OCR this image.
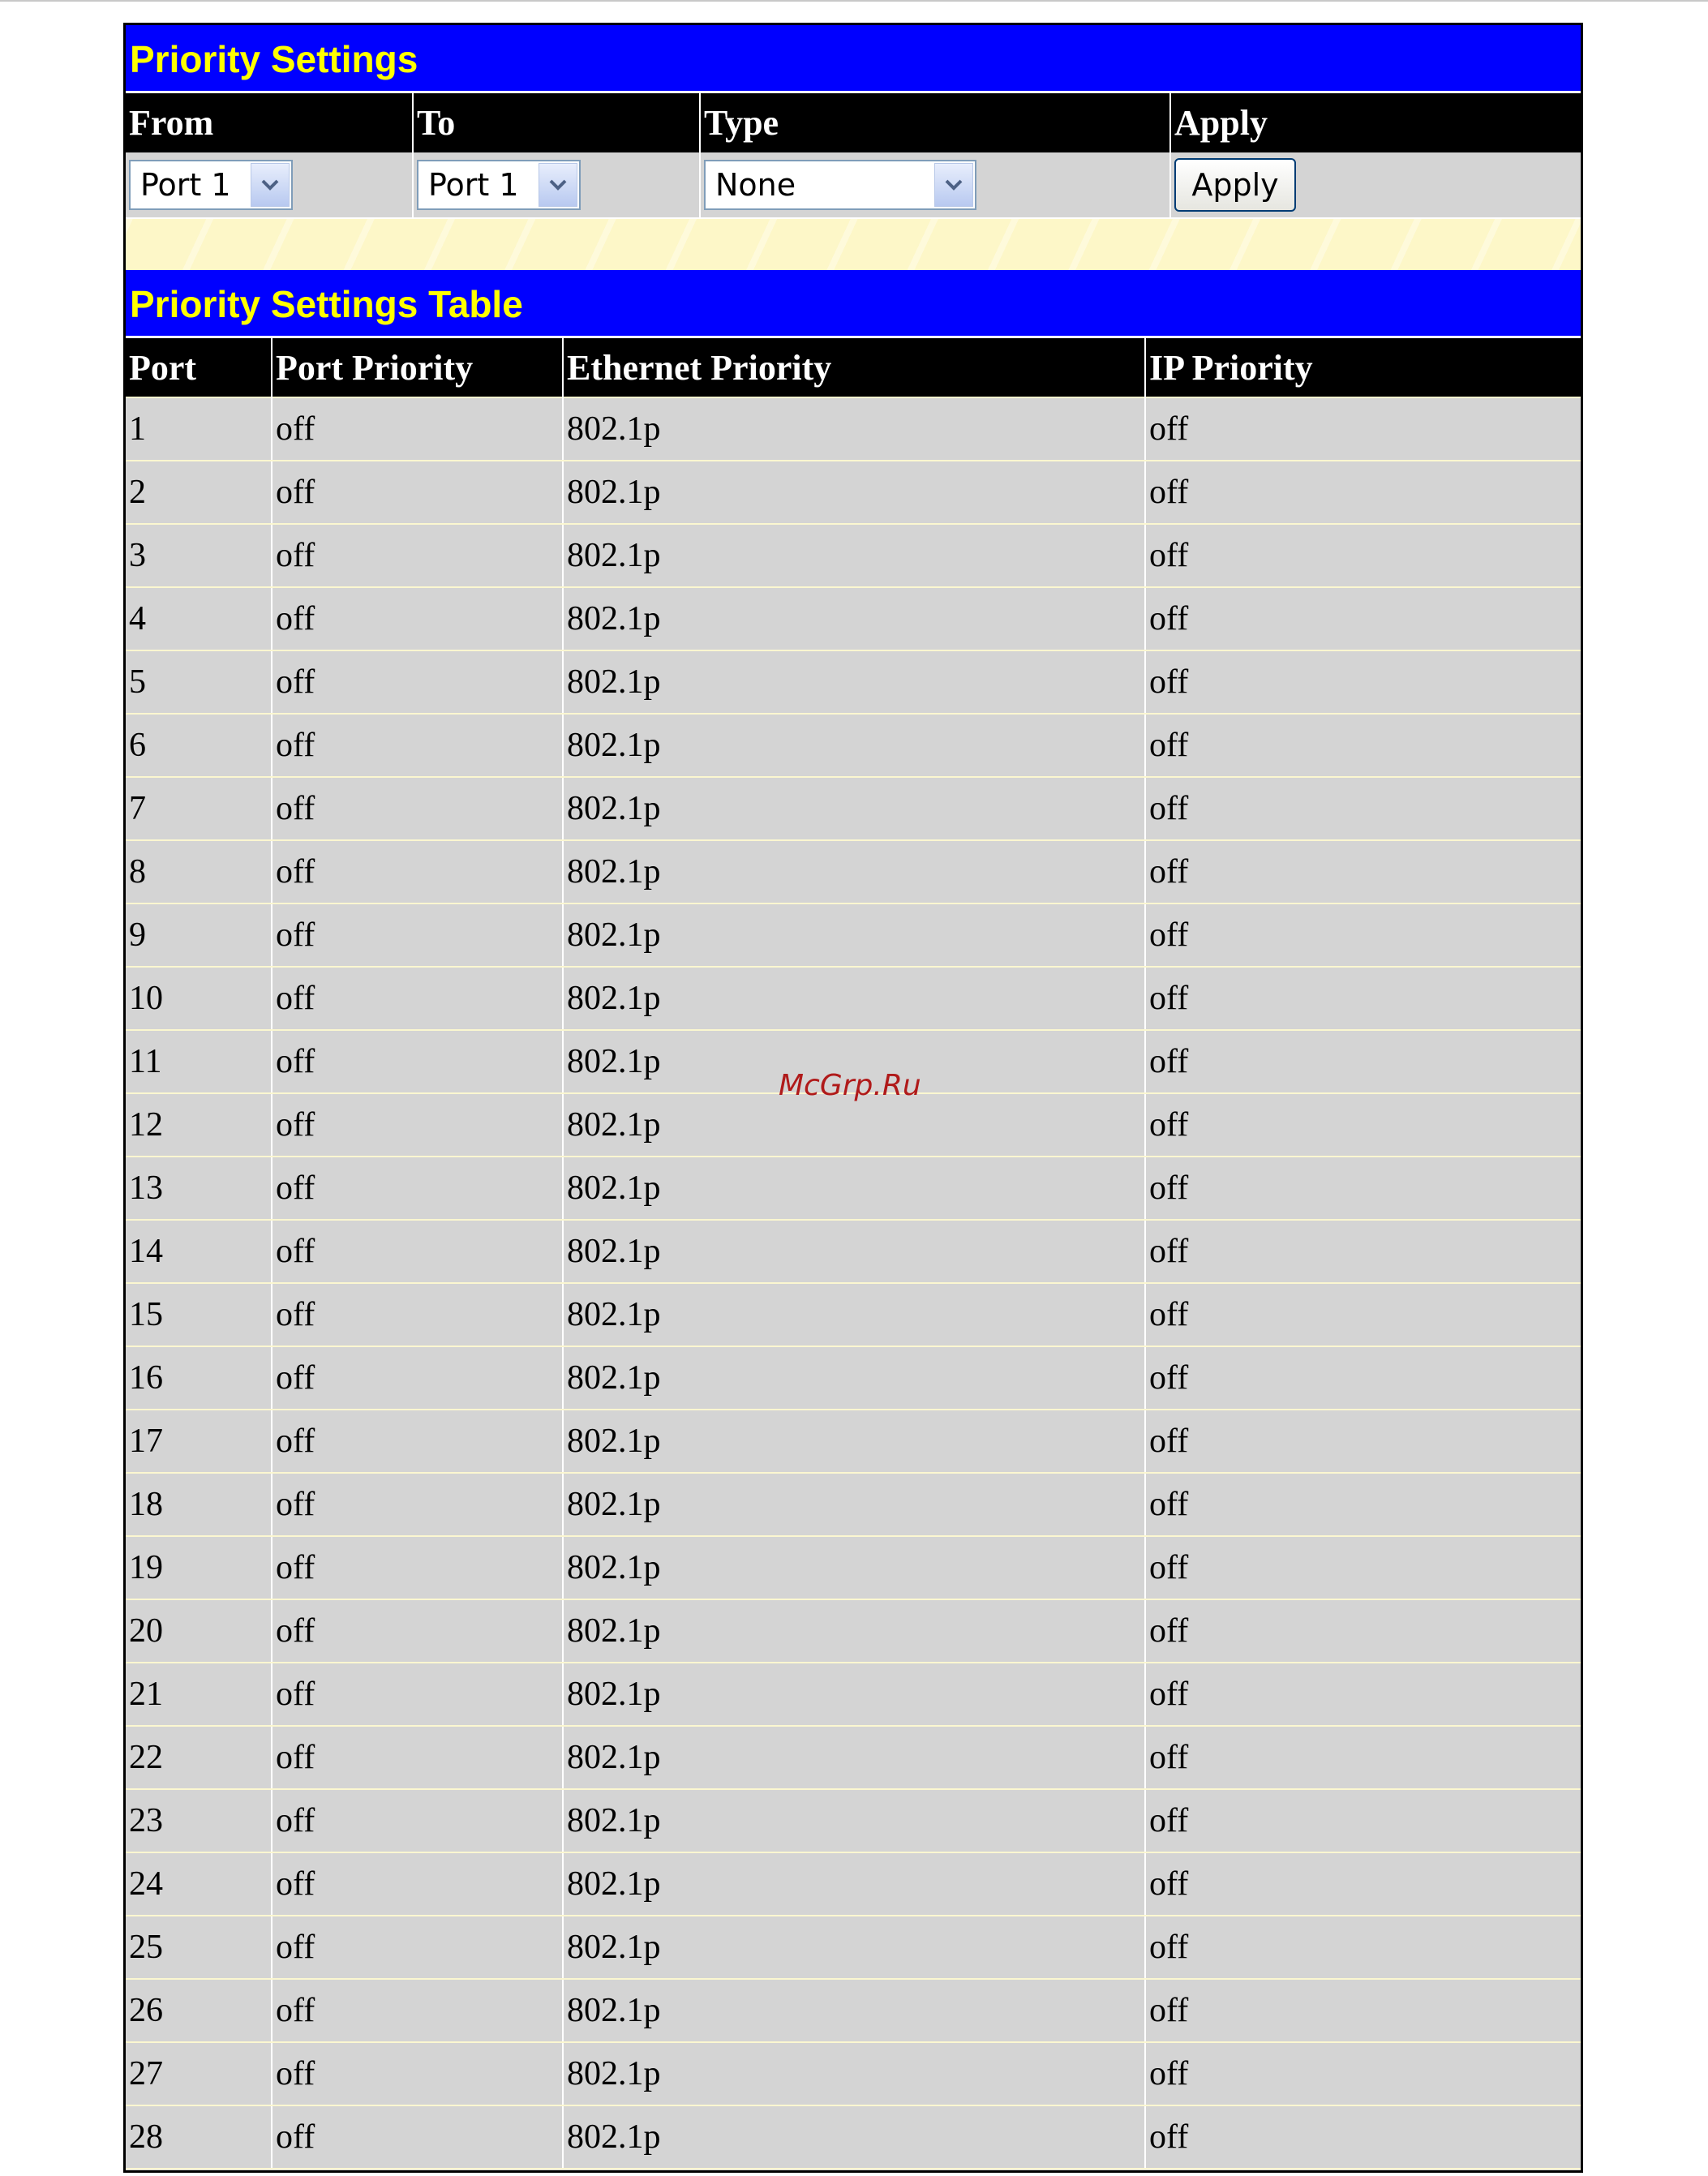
Priority Settings
From	To	Type	Apply

Port 1	Port 1	None	Apply
Priority Settings Table
Port	Port Priority	Ethernet Priority	IP Priority
1	off	802.1p	off
2	off	802.1p	off
3	off	802.1p	off
4	off	802.1p	off
5	off	802.1p	off
6	off	802.1p	off
7	off	802.1p	off
8	off	802.1p	off
9	off	802.1p	off
10	off	802.1p	off
11	off	802.1p	off
12	off	802.1p	off
13	off	802.1p	off
14	off	802.1p	off
15	off	802.1p	off
16	off	802.1p	off
17	off	802.1p	off
18	off	802.1p	off
19	off	802.1p	off
20	off	802.1p	off
21	off	802.1p	off
22	off	802.1p	off
23	off	802.1p	off
24	off	802.1p	off
25	off	802.1p	off
26	off	802.1p	off
27	off	802.1p	off
28	off	802.1p	off
McGrp.Ru
